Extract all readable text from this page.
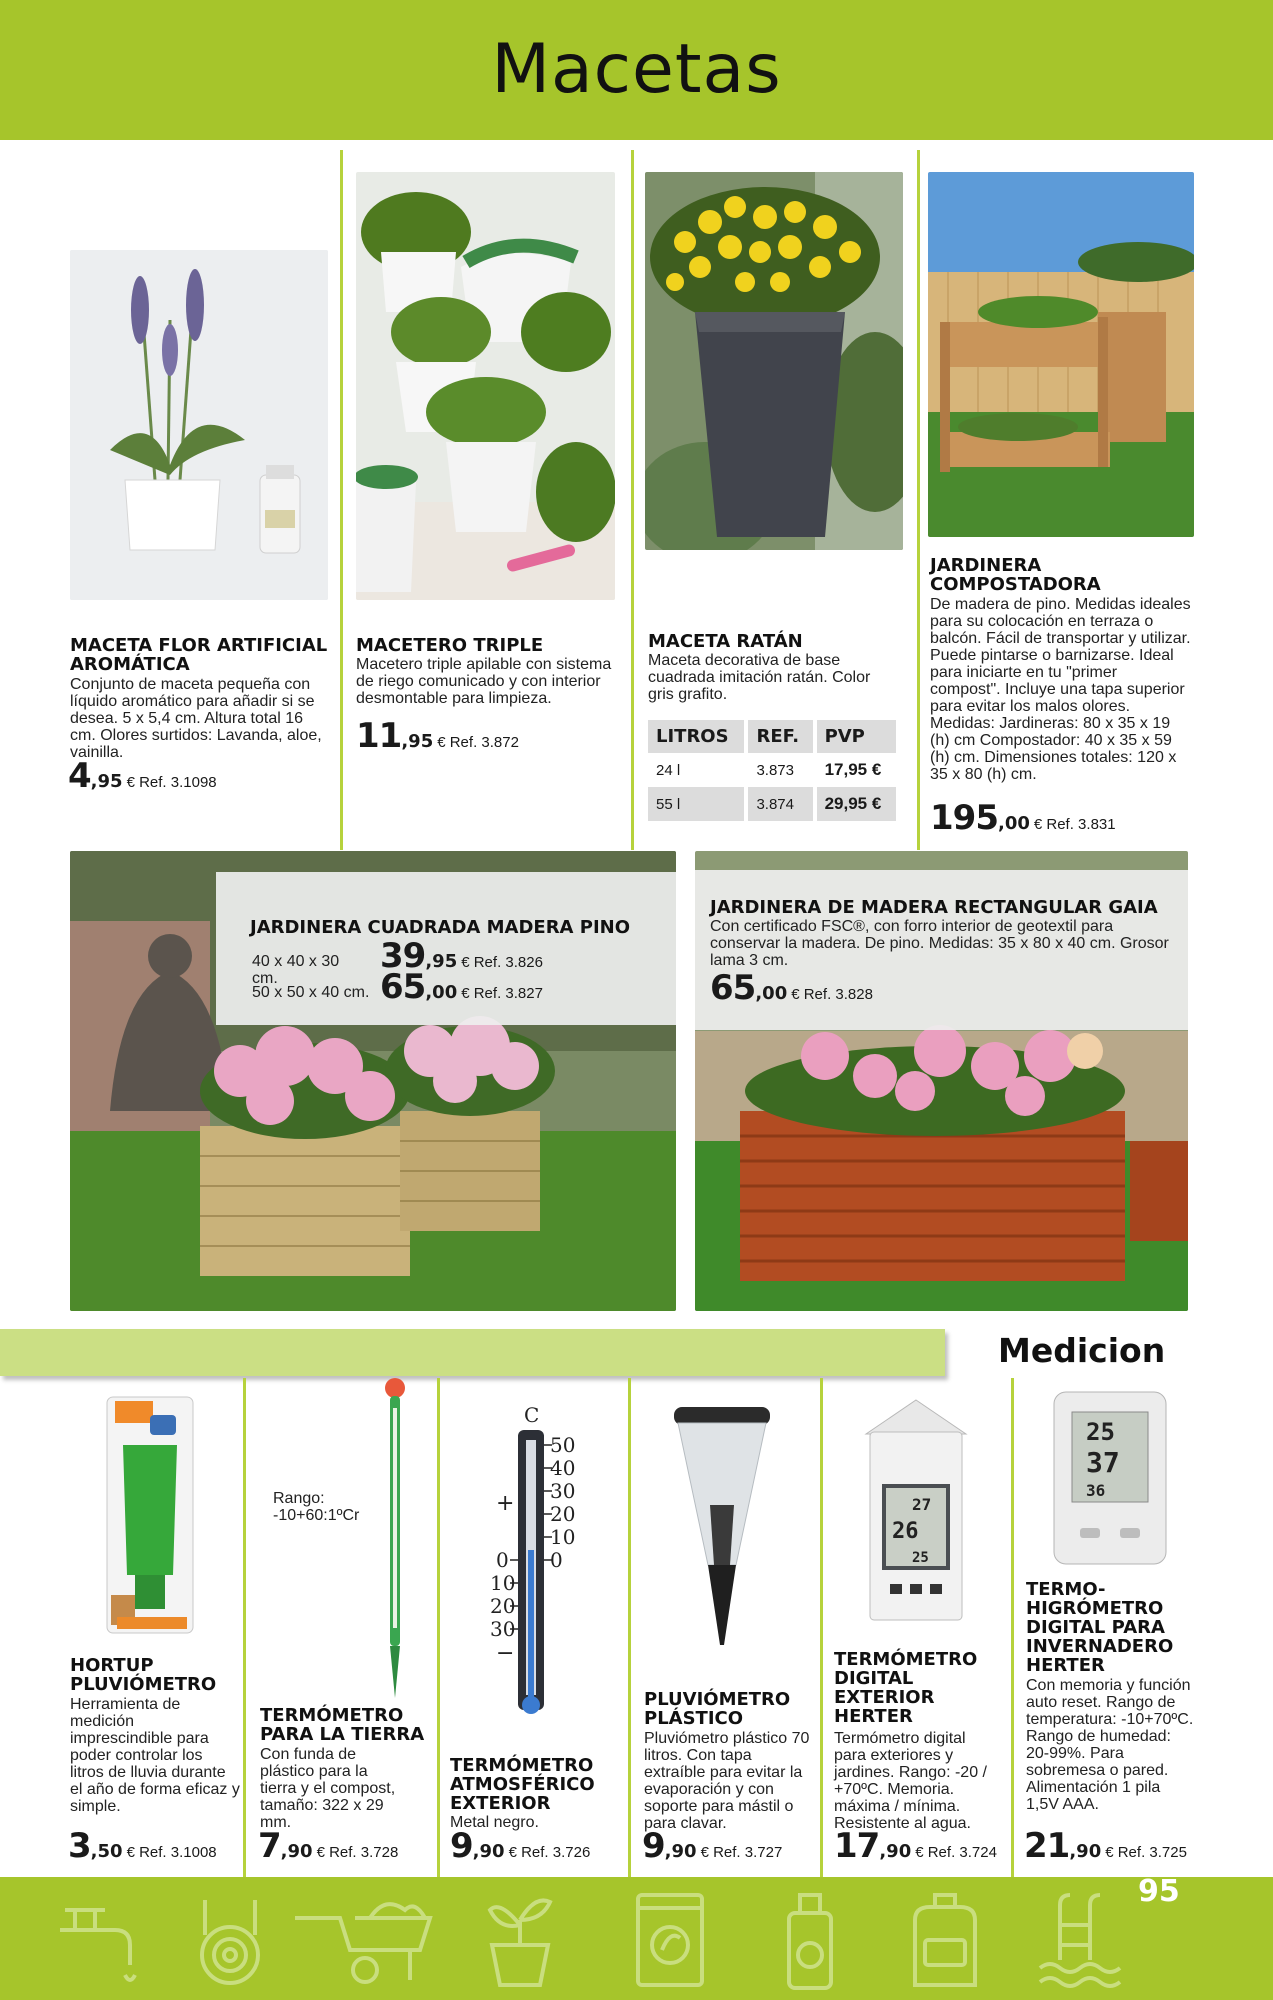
Macetas
MACETA FLOR ARTIFICIAL AROMÁTICA
Conjunto de maceta pequeña con líquido aromático para añadir si se desea. 5 x 5,4 cm. Altura total 16 cm. Olores surtidos: Lavanda, aloe, vainilla.
4,95 € Ref. 3.1098
MACETERO TRIPLE
Macetero triple apilable con sistema de riego comunicado y con interior desmontable para limpieza.
11,95 € Ref. 3.872
MACETA RATÁN
Maceta decorativa de base cuadrada imitación ratán. Color gris grafito.
LITROS	REF.	PVP
24 l	3.873	17,95 €
55 l	3.874	29,95 €
JARDINERA COMPOSTADORA
De madera de pino. Medidas ideales para su colocación en terraza o balcón. Fácil de transportar y utilizar. Puede pintarse o barnizarse. Ideal para iniciarte en tu "primer compost". Incluye una tapa superior para evitar los malos olores. Medidas: Jardineras: 80 x 35 x 19 (h) cm Compostador: 40 x 35 x 59 (h) cm. Dimensiones totales: 120 x 35 x 80 (h) cm.
195,00 € Ref. 3.831
JARDINERA CUADRADA MADERA PINO
40 x 40 x 30 cm.
39,95 € Ref. 3.826
50 x 50 x 40 cm. 65,00 € Ref. 3.827
JARDINERA DE MADERA RECTANGULAR GAIA
Con certificado FSC®, con forro interior de geotextil para conservar la madera. De pino. Medidas: 35 x 80 x 40 cm. Grosor lama 3 cm.
65,00 € Ref. 3.828
Medicion
HORTUP PLUVIÓMETRO
Herramienta de medición imprescindible para poder controlar los litros de lluvia durante el año de forma eficaz y simple.
3,50 € Ref. 3.1008
Rango:
-10+60:1ºCr
TERMÓMETRO PARA LA TIERRA
Con funda de plástico para la tierra y el compost, tamaño: 322 x 29 mm.
7,90 € Ref. 3.728
C
50
40
30
20
10
0
0
10
20
30
+
−
TERMÓMETRO ATMOSFÉRICO EXTERIOR
Metal negro.
9,90 € Ref. 3.726
PLUVIÓMETRO PLÁSTICO
Pluviómetro plástico 70 litros. Con tapa extraíble para evitar la evaporación y con soporte para mástil o para clavar.
9,90 € Ref. 3.727
27
26
25
TERMÓMETRO DIGITAL EXTERIOR HERTER
Termómetro digital para exteriores y jardines. Rango: -20 / +70ºC. Memoria. máxima / mínima. Resistente al agua.
17,90 € Ref. 3.724
25
37
36
TERMO-HIGRÓMETRO DIGITAL PARA INVERNADERO HERTER
Con memoria y función auto reset. Rango de temperatura: -10+70ºC. Rango de humedad: 20-99%. Para sobremesa o pared. Alimentación 1 pila 1,5V AAA.
21,90 € Ref. 3.725
95
